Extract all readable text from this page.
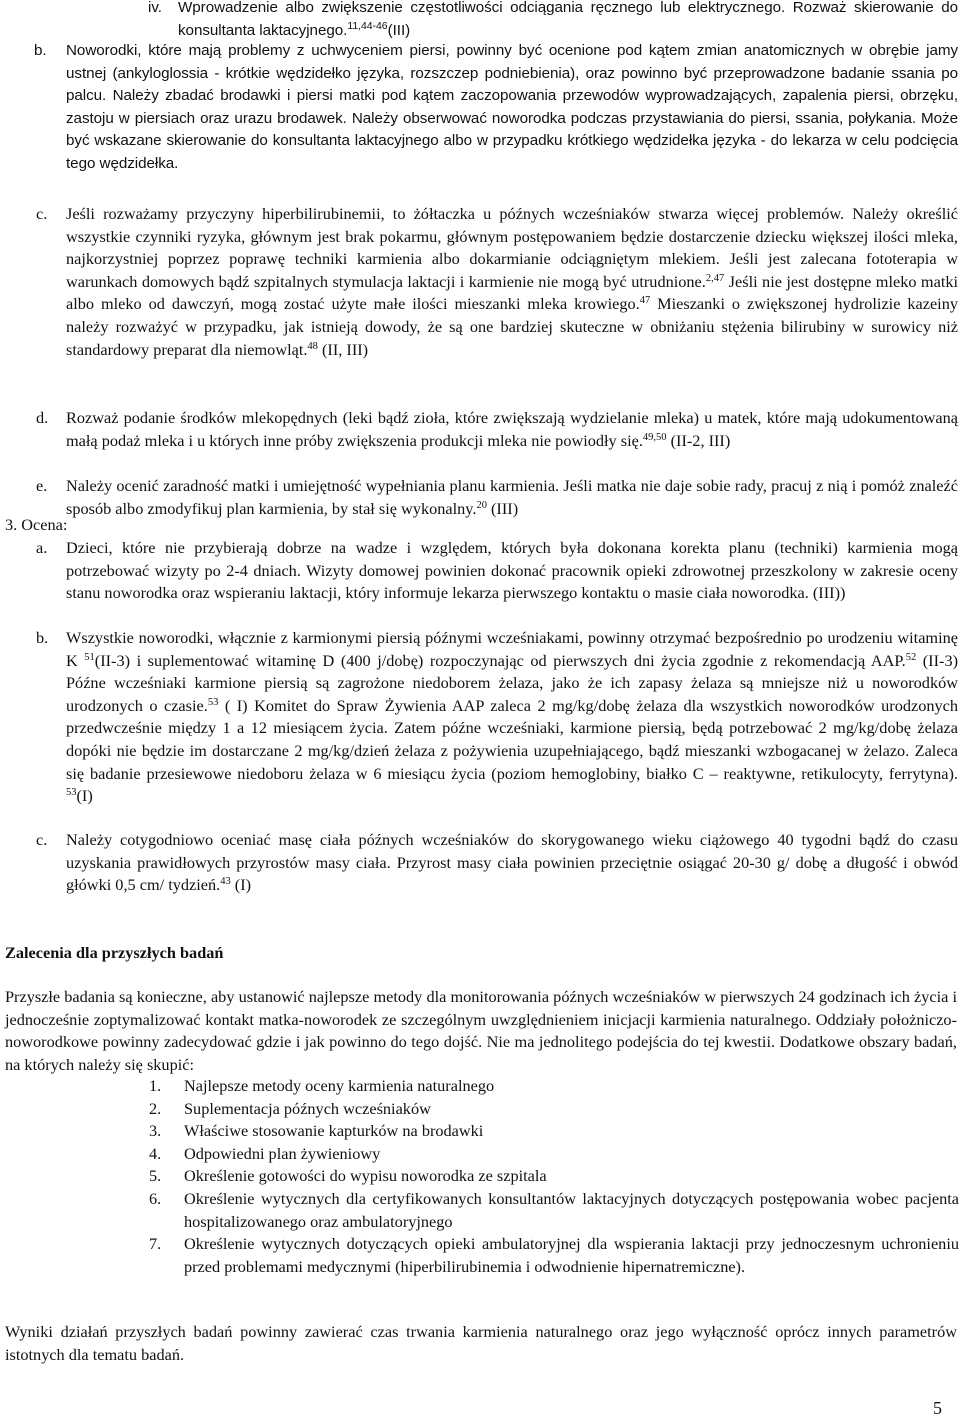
iv. Wprowadzenie albo zwiększenie częstotliwości odciągania ręcznego lub elektrycznego. Rozważ skierowanie do konsultanta laktacyjnego.$^{11,44-46}$(III)
b. Noworodki, które mają problemy z uchwyceniem piersi, powinny być ocenione pod kątem zmian anatomicznych w obrębie jamy ustnej (ankyloglossia - krótkie wędzidełko języka, rozszczep podniebienia), oraz powinno być przeprowadzone badanie ssania po palcu. Należy zbadać brodawki i piersi matki pod kątem zaczopowania przewodów wyprowadzających, zapalenia piersi, obrzęku, zastoju w piersiach oraz urazu brodawek. Należy obserwować noworodka podczas przystawiania do piersi, ssania, połykania. Może być wskazane skierowanie do konsultanta laktacyjnego albo w przypadku krótkiego wędzidełka języka - do lekarza w celu podcięcia tego wędzidełka.
c. Jeśli rozważamy przyczyny hiperbilirubinemii, to żółtaczka u późnych wcześniaków stwarza więcej problemów. Należy określić wszystkie czynniki ryzyka, głównym jest brak pokarmu, głównym postępowaniem będzie dostarczenie dziecku większej ilości mleka, najkorzystniej poprzez poprawę techniki karmienia albo dokarmianie odciągniętym mlekiem. Jeśli jest zalecana fototerapia w warunkach domowych bądź szpitalnych stymulacja laktacji i karmienie nie mogą być utrudnione.$^{2,47}$ Jeśli nie jest dostępne mleko matki albo mleko od dawczyń, mogą zostać użyte małe ilości mieszanki mleka krowiego.$^{47}$ Mieszanki o zwiększonej hydrolizie kazeiny należy rozważyć w przypadku, jak istnieją dowody, że są one bardziej skuteczne w obniżaniu stężenia bilirubiny w surowicy niż standardowy preparat dla niemowląt.$^{48}$ (II, III)
d. Rozważ podanie środków mlekopędnych (leki bądź zioła, które zwiększają wydzielanie mleka) u matek, które mają udokumentowaną małą podaż mleka i u których inne próby zwiększenia produkcji mleka nie powiodły się.$^{49,50}$ (II-2, III)
e. Należy ocenić zaradność matki i umiejętność wypełniania planu karmienia. Jeśli matka nie daje sobie rady, pracuj z nią i pomóż znaleźć sposób albo zmodyfikuj plan karmienia, by stał się wykonalny.$^{20}$ (III)
3. Ocena:
a. Dzieci, które nie przybierają dobrze na wadze i względem, których była dokonana korekta planu (techniki) karmienia mogą potrzebować wizyty po 2-4 dniach. Wizyty domowej powinien dokonać pracownik opieki zdrowotnej przeszkolony w zakresie oceny stanu noworodka oraz wspieraniu laktacji, który informuje lekarza pierwszego kontaktu o masie ciała noworodka. (III))
b. Wszystkie noworodki, włącznie z karmionymi piersią późnymi wcześniakami, powinny otrzymać bezpośrednio po urodzeniu witaminę K $^{51}$(II-3) i suplementować witaminę D (400 j/dobę) rozpoczynając od pierwszych dni życia zgodnie z rekomendacją AAP.$^{52}$ (II-3) Późne wcześniaki karmione piersią są zagrożone niedoborem żelaza, jako że ich zapasy żelaza są mniejsze niż u noworodków urodzonych o czasie.$^{53}$ ( I) Komitet do Spraw Żywienia AAP zaleca 2 mg/kg/dobę żelaza dla wszystkich noworodków urodzonych przedwcześnie między 1 a 12 miesiącem życia. Zatem późne wcześniaki, karmione piersią, będą potrzebować 2 mg/kg/dobę żelaza dopóki nie będzie im dostarczane 2 mg/kg/dzień żelaza z pożywienia uzupełniającego, bądź mieszanki wzbogacanej w żelazo. Zaleca się badanie przesiewowe niedoboru żelaza w 6 miesiącu życia (poziom hemoglobiny, białko C – reaktywne, retikulocyty, ferrytyna). $^{53}$(I)
c. Należy cotygodniowo oceniać masę ciała późnych wcześniaków do skorygowanego wieku ciążowego 40 tygodni bądź do czasu uzyskania prawidłowych przyrostów masy ciała. Przyrost masy ciała powinien przeciętnie osiągać 20-30 g/ dobę a długość i obwód główki 0,5 cm/ tydzień.$^{43}$ (I)
Zalecenia dla przyszłych badań
Przyszłe badania są konieczne, aby ustanowić najlepsze metody dla monitorowania późnych wcześniaków w pierwszych 24 godzinach ich życia i jednocześnie zoptymalizować kontakt matka-noworodek ze szczególnym uwzględnieniem inicjacji karmienia naturalnego. Oddziały położniczo-noworodkowe powinny zadecydować gdzie i jak powinno do tego dojść. Nie ma jednolitego podejścia do tej kwestii. Dodatkowe obszary badań, na których należy się skupić:
1. Najlepsze metody oceny karmienia naturalnego
2. Suplementacja późnych wcześniaków
3. Właściwe stosowanie kapturków na brodawki
4. Odpowiedni plan żywieniowy
5. Określenie gotowości do wypisu noworodka ze szpitala
6. Określenie wytycznych dla certyfikowanych konsultantów laktacyjnych dotyczących postępowania wobec pacjenta hospitalizowanego oraz ambulatoryjnego
7. Określenie wytycznych dotyczących opieki ambulatoryjnej dla wspierania laktacji przy jednoczesnym uchronieniu przed problemami medycznymi (hiperbilirubinemia i odwodnienie hipernatremiczne).
Wyniki działań przyszłych badań powinny zawierać czas trwania karmienia naturalnego oraz jego wyłączność oprócz innych parametrów istotnych dla tematu badań.
5
